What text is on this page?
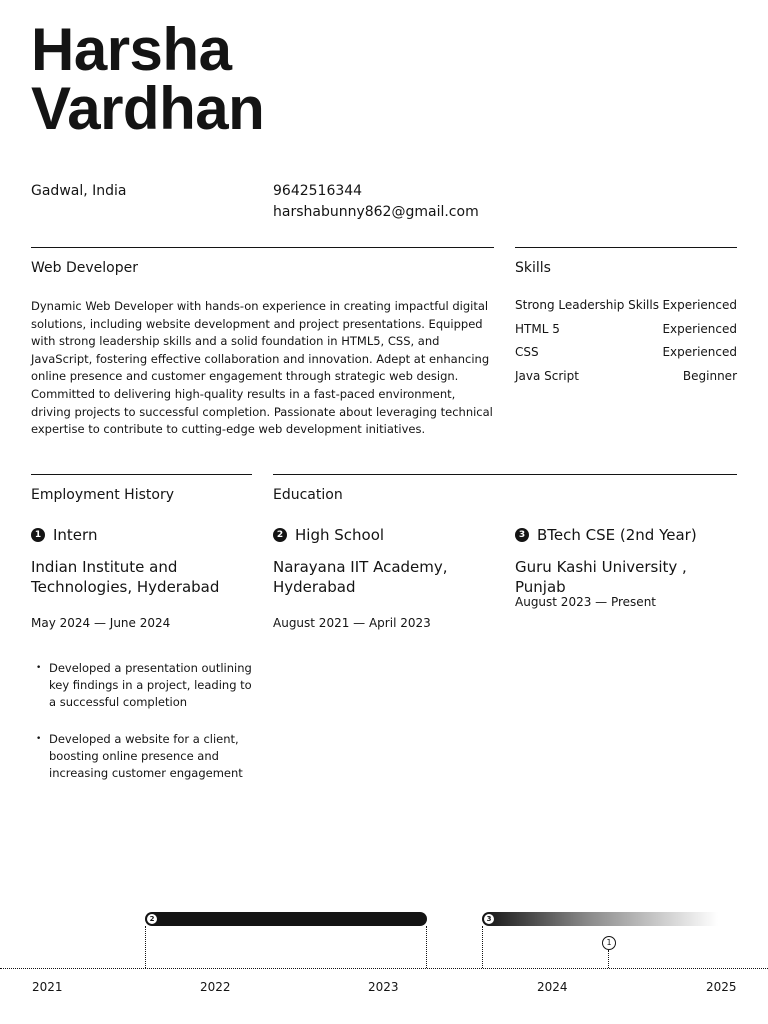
Harsha
Vardhan
Gadwal, India	9642516344
harshabunny862@gmail.com
Web Developer
Dynamic Web Developer with hands-on experience in creating impactful digital solutions, including website development and project presentations. Equipped with strong leadership skills and a solid foundation in HTML5, CSS, and JavaScript, fostering effective collaboration and innovation. Adept at enhancing online presence and customer engagement through strategic web design. Committed to delivering high-quality results in a fast-paced environment, driving projects to successful completion. Passionate about leveraging technical expertise to contribute to cutting-edge web development initiatives.
Skills
Strong Leadership Skills Experienced
HTML 5	Experienced
CSS	Experienced
Java Script	Beginner
Employment History
1 Intern
Indian Institute and Technologies, Hyderabad
May 2024 — June 2024
• Developed a presentation outlining key findings in a project, leading to a successful completion
• Developed a website for a client, boosting online presence and increasing customer engagement
Education
2 High School
Narayana IIT Academy, Hyderabad
August 2021 — April 2023
3 BTech CSE (2nd Year)
Guru Kashi University , Punjab
August 2023 — Present
2	3
1
2021	2022	2023	2024	2025
